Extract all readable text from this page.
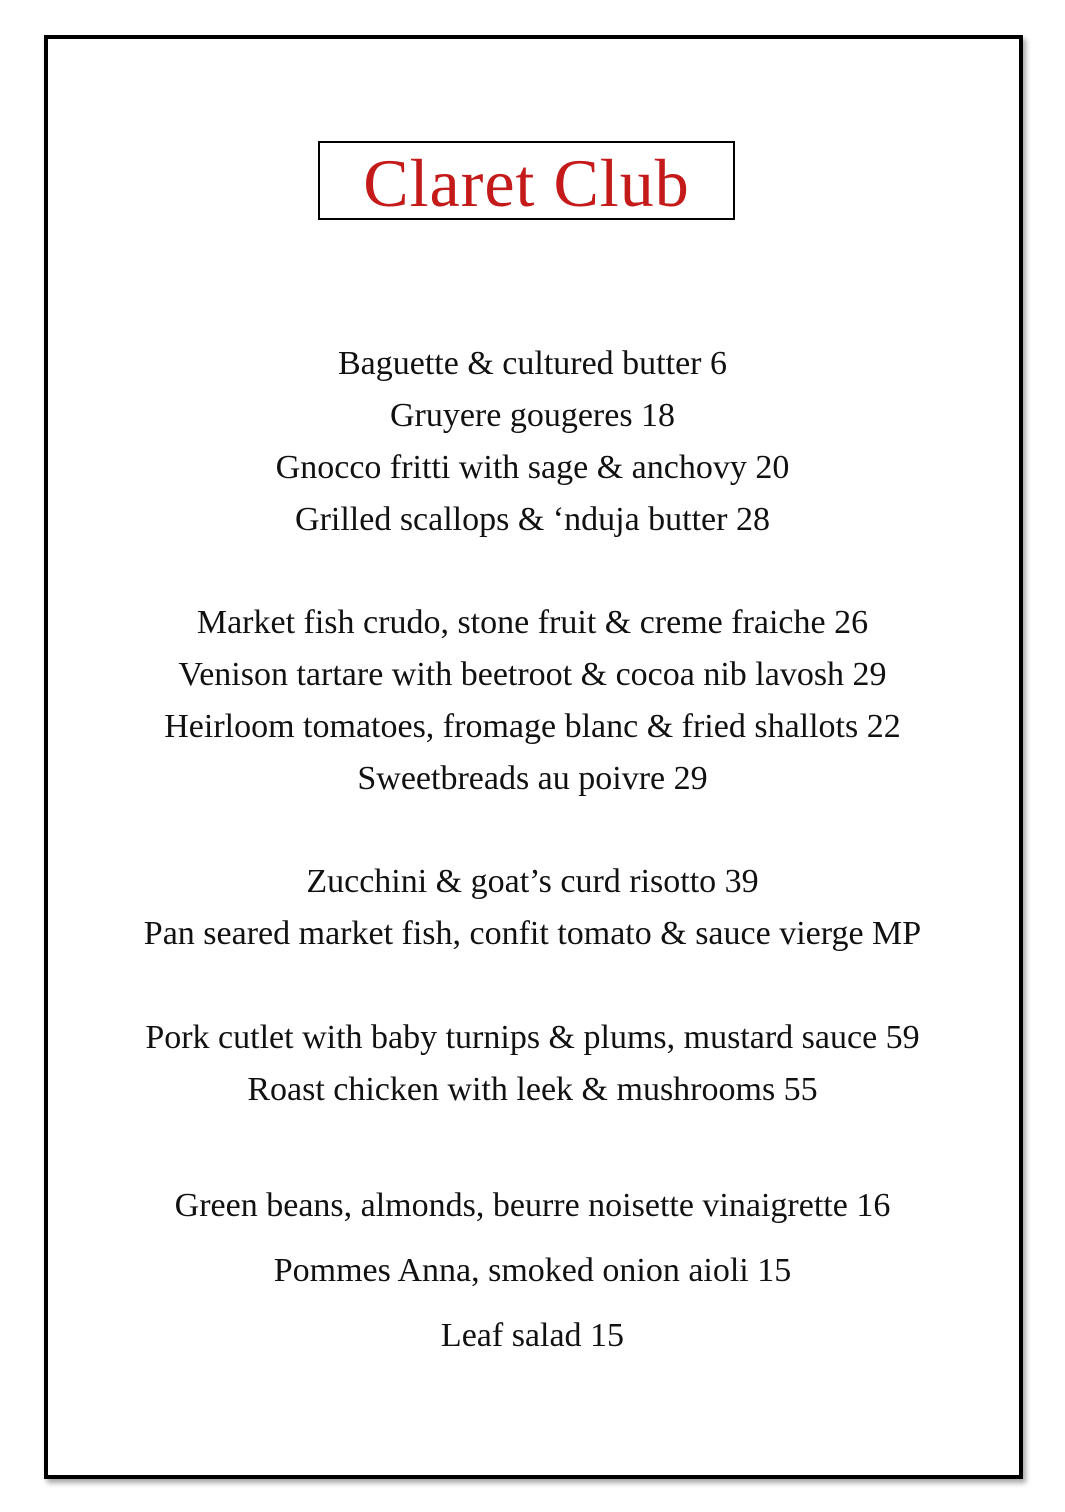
Claret Club
Baguette & cultured butter 6
Gruyere gougeres 18
Gnocco fritti with sage & anchovy 20
Grilled scallops & ‘nduja butter 28
Market fish crudo, stone fruit & creme fraiche 26
Venison tartare with beetroot & cocoa nib lavosh 29
Heirloom tomatoes, fromage blanc & fried shallots 22
Sweetbreads au poivre 29
Zucchini & goat’s curd risotto 39
Pan seared market fish, confit tomato & sauce vierge MP
Pork cutlet with baby turnips & plums, mustard sauce 59
Roast chicken with leek & mushrooms 55
Green beans, almonds, beurre noisette vinaigrette 16
Pommes Anna, smoked onion aioli 15
Leaf salad 15
